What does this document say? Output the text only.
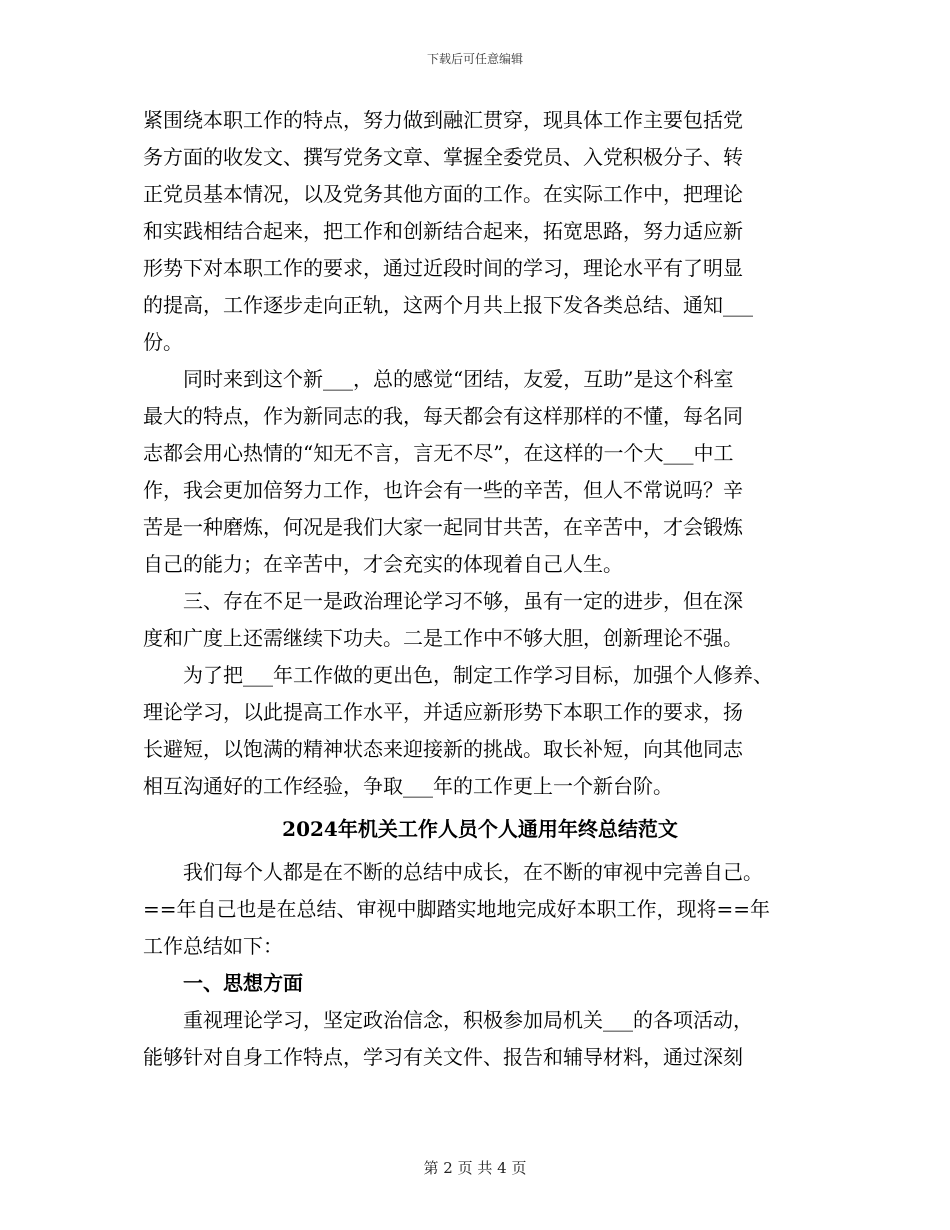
下载后可任意编辑
紧围绕本职工作的特点，努力做到融汇贯穿，现具体工作主要包括党
务方面的收发文、撰写党务文章、掌握全委党员、入党积极分子、转
正党员基本情况，以及党务其他方面的工作。在实际工作中，把理论
和实践相结合起来，把工作和创新结合起来，拓宽思路，努力适应新
形势下对本职工作的要求，通过近段时间的学习，理论水平有了明显
的提高，工作逐步走向正轨，这两个月共上报下发各类总结、通知___
份。
　　同时来到这个新___，总的感觉“团结，友爱，互助”是这个科室
最大的特点，作为新同志的我，每天都会有这样那样的不懂，每名同
志都会用心热情的“知无不言，言无不尽”，在这样的一个大___中工
作，我会更加倍努力工作，也许会有一些的辛苦，但人不常说吗？辛
苦是一种磨炼，何况是我们大家一起同甘共苦，在辛苦中，才会锻炼
自己的能力；在辛苦中，才会充实的体现着自己人生。
　　三、存在不足一是政治理论学习不够，虽有一定的进步，但在深
度和广度上还需继续下功夫。二是工作中不够大胆，创新理论不强。
　　为了把___年工作做的更出色，制定工作学习目标，加强个人修养、
理论学习，以此提高工作水平，并适应新形势下本职工作的要求，扬
长避短，以饱满的精神状态来迎接新的挑战。取长补短，向其他同志
相互沟通好的工作经验，争取___年的工作更上一个新台阶。
2024年机关工作人员个人通用年终总结范文
　　我们每个人都是在不断的总结中成长，在不断的审视中完善自己。
==年自己也是在总结、审视中脚踏实地地完成好本职工作，现将==年
工作总结如下：
　　一、思想方面
　　重视理论学习，坚定政治信念，积极参加局机关___的各项活动，
能够针对自身工作特点，学习有关文件、报告和辅导材料，通过深刻
第 2 页 共 4 页
